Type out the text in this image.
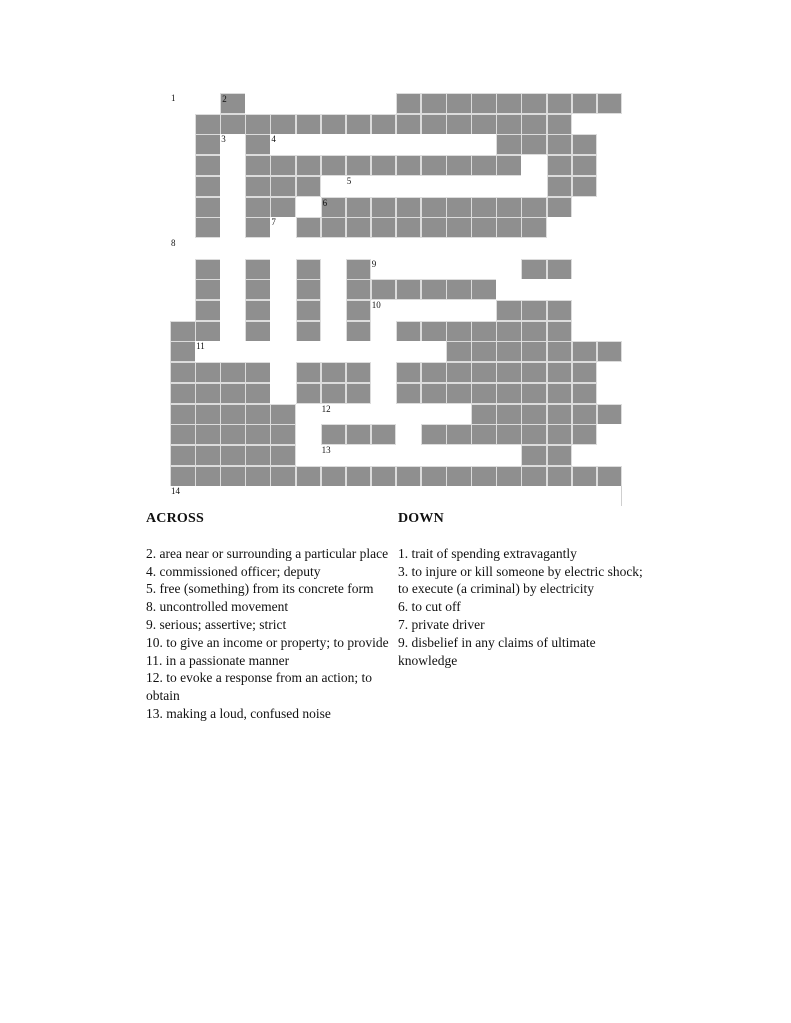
1	2
3	4
5
6
7
8
9
10
11
12
13
14
ACROSS

2. area near or surrounding a particular place

4. commissioned officer; deputy

5. free (something) from its concrete form

8. uncontrolled movement

9. serious; assertive; strict

10. to give an income or property; to provide

11. in a passionate manner

12. to evoke a response from an action; to obtain

13. making a loud, confused noise

DOWN

1. trait of spending extravagantly

3. to injure or kill someone by electric shock; to execute (a criminal) by electricity

6. to cut off

7. private driver

9. disbelief in any claims of ultimate knowledge
